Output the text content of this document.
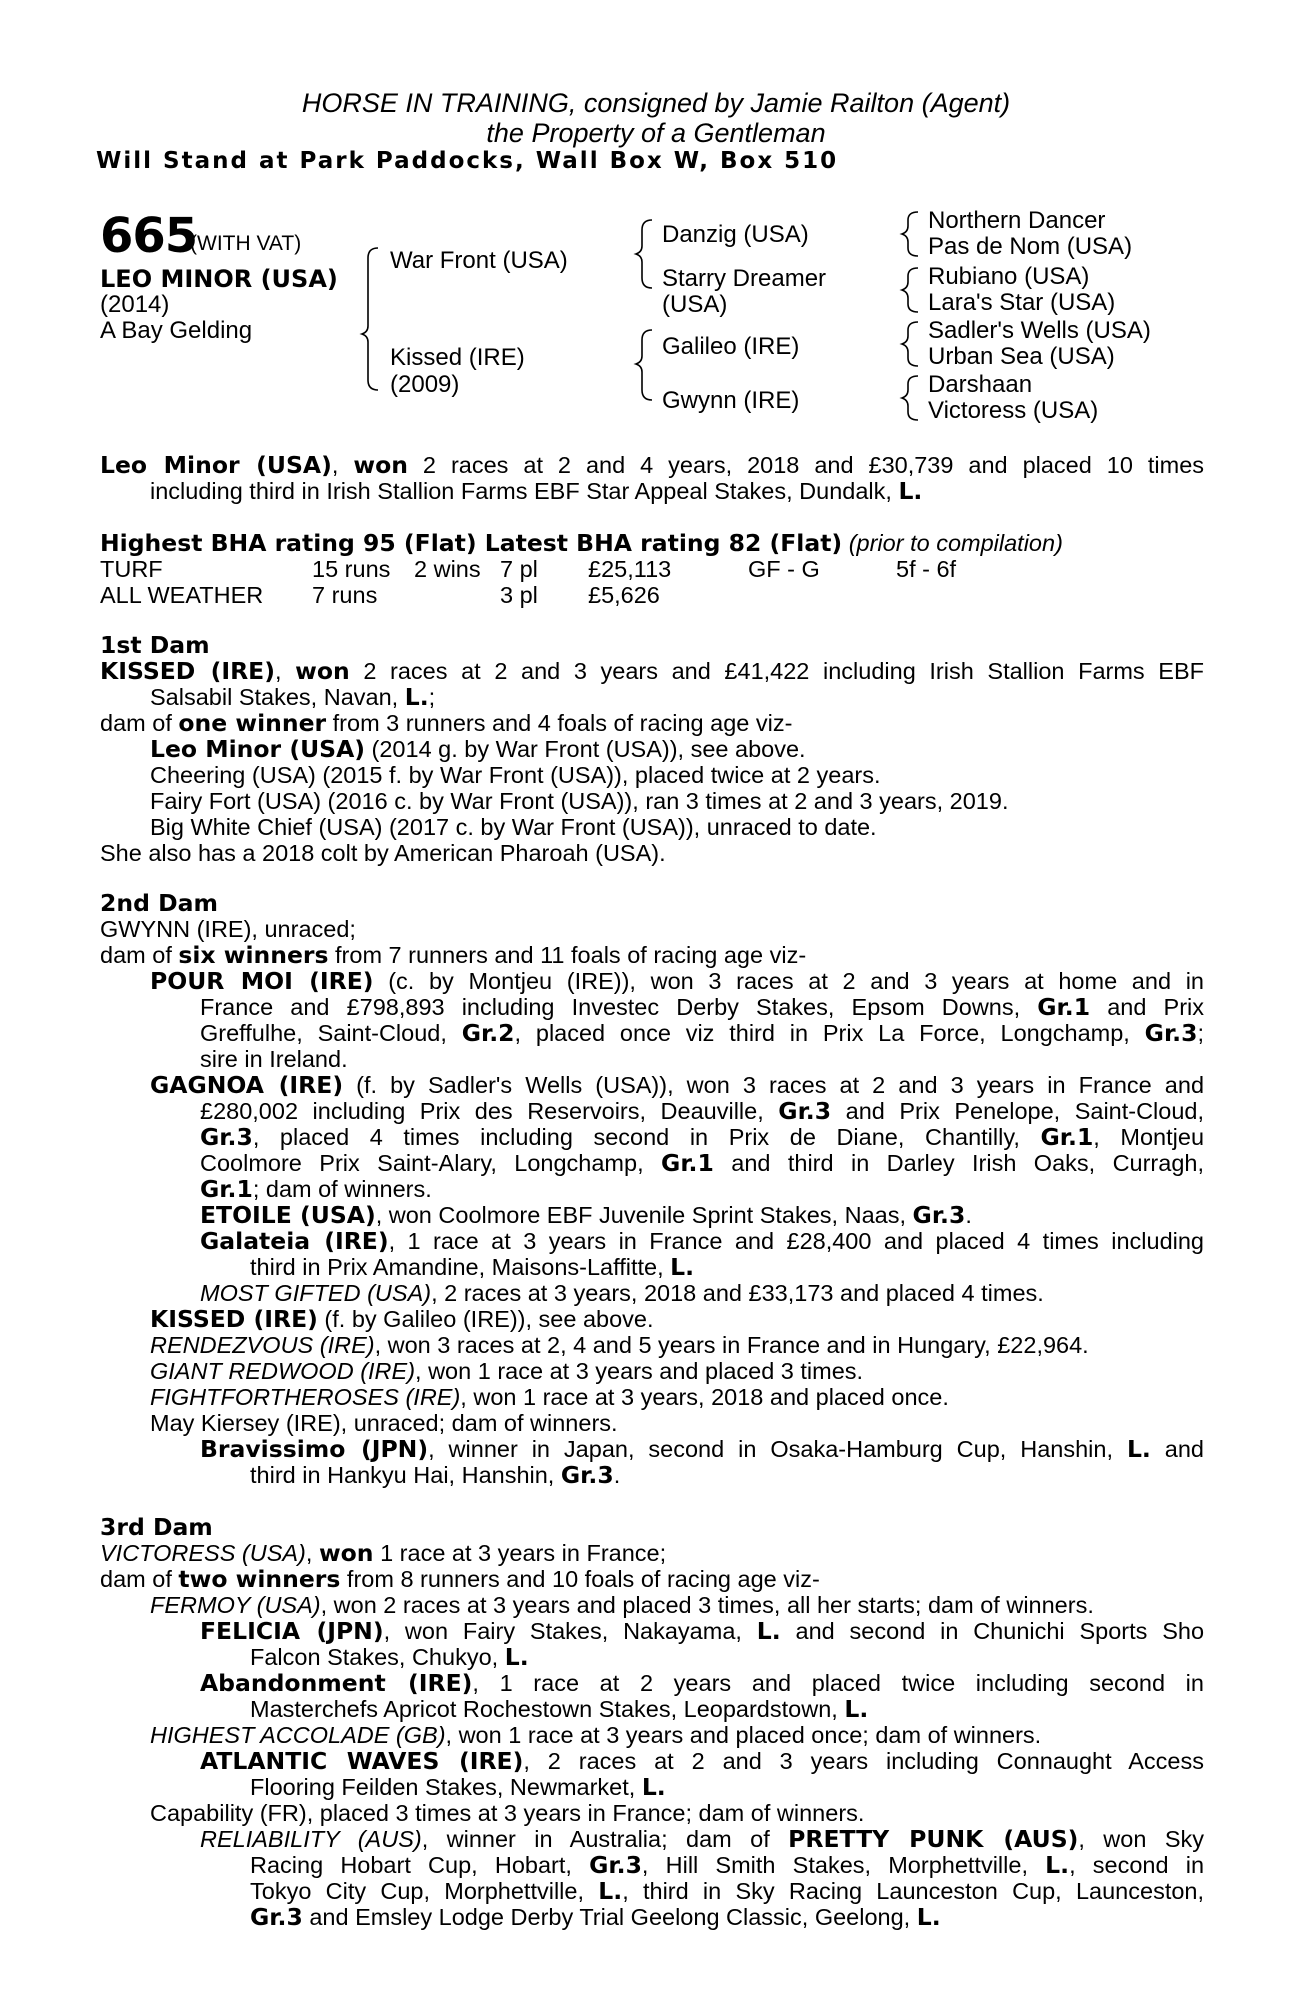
HORSE IN TRAINING, consigned by Jamie Railton (Agent)
the Property of a Gentleman
Will Stand at Park Paddocks, Wall Box W, Box 510
665
(WITH VAT)
LEO MINOR (USA)
(2014)
A Bay Gelding
War Front (USA)
Kissed (IRE)
(2009)
Danzig (USA)
Starry Dreamer
(USA)
Galileo (IRE)
Gwynn (IRE)
Northern Dancer
Pas de Nom (USA)
Rubiano (USA)
Lara's Star (USA)
Sadler's Wells (USA)
Urban Sea (USA)
Darshaan
Victoress (USA)
Leo Minor (USA), won 2 races at 2 and 4 years, 2018 and £30,739 and placed 10 times
including third in Irish Stallion Farms EBF Star Appeal Stakes, Dundalk, L.
Highest BHA rating 95 (Flat) Latest BHA rating 82 (Flat) (prior to compilation)
TURF	15 runs 2 wins 7 pl £25,113	GF - G	5f - 6f
ALL WEATHER 7 runs	3 pl £5,626
1st Dam
KISSED (IRE), won 2 races at 2 and 3 years and £41,422 including Irish Stallion Farms EBF
Salsabil Stakes, Navan, L.;
dam of one winner from 3 runners and 4 foals of racing age viz-
Leo Minor (USA) (2014 g. by War Front (USA)), see above.
Cheering (USA) (2015 f. by War Front (USA)), placed twice at 2 years.
Fairy Fort (USA) (2016 c. by War Front (USA)), ran 3 times at 2 and 3 years, 2019.
Big White Chief (USA) (2017 c. by War Front (USA)), unraced to date.
She also has a 2018 colt by American Pharoah (USA).
2nd Dam
GWYNN (IRE), unraced;
dam of six winners from 7 runners and 11 foals of racing age viz-
POUR MOI (IRE) (c. by Montjeu (IRE)), won 3 races at 2 and 3 years at home and in
France and £798,893 including Investec Derby Stakes, Epsom Downs, Gr.1 and Prix
Greffulhe, Saint-Cloud, Gr.2, placed once viz third in Prix La Force, Longchamp, Gr.3;
sire in Ireland.
GAGNOA (IRE) (f. by Sadler's Wells (USA)), won 3 races at 2 and 3 years in France and
£280,002 including Prix des Reservoirs, Deauville, Gr.3 and Prix Penelope, Saint-Cloud,
Gr.3, placed 4 times including second in Prix de Diane, Chantilly, Gr.1, Montjeu
Coolmore Prix Saint-Alary, Longchamp, Gr.1 and third in Darley Irish Oaks, Curragh,
Gr.1; dam of winners.
ETOILE (USA), won Coolmore EBF Juvenile Sprint Stakes, Naas, Gr.3.
Galateia (IRE), 1 race at 3 years in France and £28,400 and placed 4 times including
third in Prix Amandine, Maisons-Laffitte, L.
MOST GIFTED (USA), 2 races at 3 years, 2018 and £33,173 and placed 4 times.
KISSED (IRE) (f. by Galileo (IRE)), see above.
RENDEZVOUS (IRE), won 3 races at 2, 4 and 5 years in France and in Hungary, £22,964.
GIANT REDWOOD (IRE), won 1 race at 3 years and placed 3 times.
FIGHTFORTHEROSES (IRE), won 1 race at 3 years, 2018 and placed once.
May Kiersey (IRE), unraced; dam of winners.
Bravissimo (JPN), winner in Japan, second in Osaka-Hamburg Cup, Hanshin, L. and
third in Hankyu Hai, Hanshin, Gr.3.
3rd Dam
VICTORESS (USA), won 1 race at 3 years in France;
dam of two winners from 8 runners and 10 foals of racing age viz-
FERMOY (USA), won 2 races at 3 years and placed 3 times, all her starts; dam of winners.
FELICIA (JPN), won Fairy Stakes, Nakayama, L. and second in Chunichi Sports Sho
Falcon Stakes, Chukyo, L.
Abandonment (IRE), 1 race at 2 years and placed twice including second in
Masterchefs Apricot Rochestown Stakes, Leopardstown, L.
HIGHEST ACCOLADE (GB), won 1 race at 3 years and placed once; dam of winners.
ATLANTIC WAVES (IRE), 2 races at 2 and 3 years including Connaught Access
Flooring Feilden Stakes, Newmarket, L.
Capability (FR), placed 3 times at 3 years in France; dam of winners.
RELIABILITY (AUS), winner in Australia; dam of PRETTY PUNK (AUS), won Sky
Racing Hobart Cup, Hobart, Gr.3, Hill Smith Stakes, Morphettville, L., second in
Tokyo City Cup, Morphettville, L., third in Sky Racing Launceston Cup, Launceston,
Gr.3 and Emsley Lodge Derby Trial Geelong Classic, Geelong, L.
